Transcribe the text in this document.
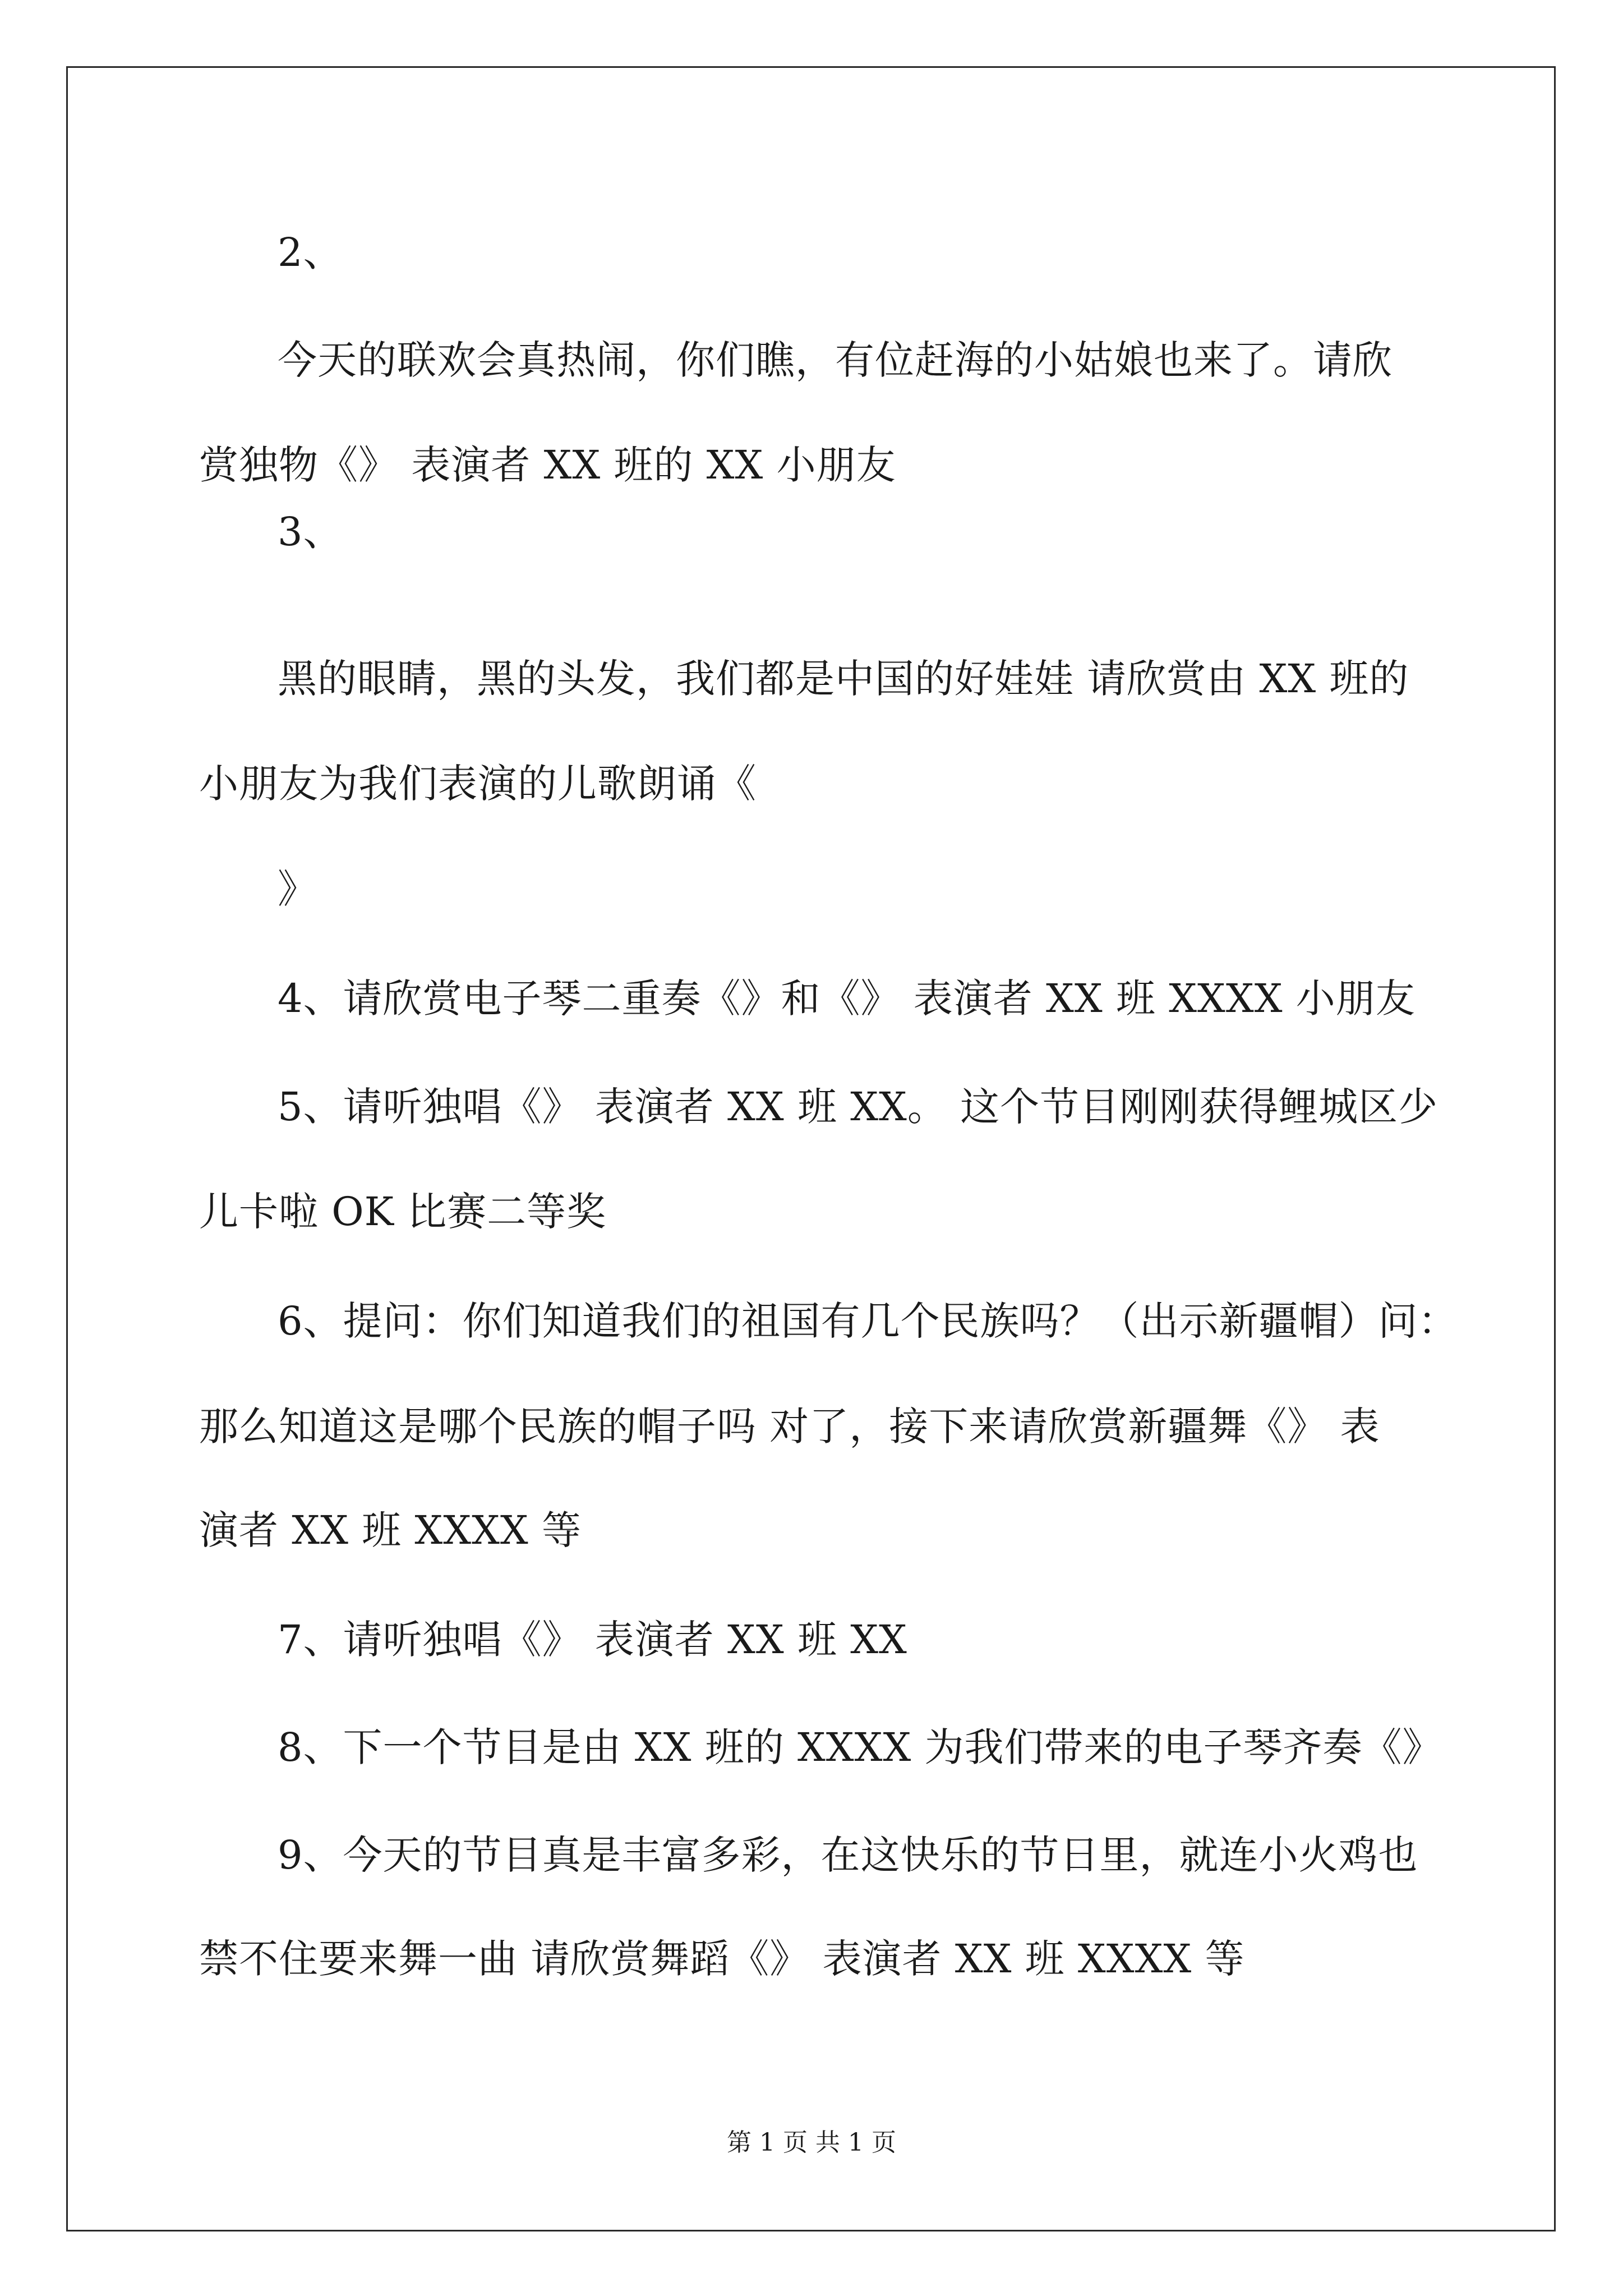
2、
今天的联欢会真热闹，你们瞧，有位赶海的小姑娘也来了。请欣
赏独物《》 表演者 XX 班的 XX 小朋友
3、
黑的眼睛，黑的头发，我们都是中国的好娃娃 请欣赏由 XX 班的
小朋友为我们表演的儿歌朗诵《
》
4、请欣赏电子琴二重奏《》和《》 表演者 XX 班 XXXX 小朋友
5、请听独唱《》 表演者 XX 班 XX。 这个节目刚刚获得鲤城区少
儿卡啦 OK 比赛二等奖
6、提问：你们知道我们的祖国有几个民族吗？（出示新疆帽）问：
那么知道这是哪个民族的帽子吗 对了，接下来请欣赏新疆舞《》 表
演者 XX 班 XXXX 等
7、请听独唱《》 表演者 XX 班 XX
8、下一个节目是由 XX 班的 XXXX 为我们带来的电子琴齐奏《》
9、今天的节目真是丰富多彩，在这快乐的节日里，就连小火鸡也
禁不住要来舞一曲 请欣赏舞蹈《》 表演者 XX 班 XXXX 等
第 1 页 共 1 页
